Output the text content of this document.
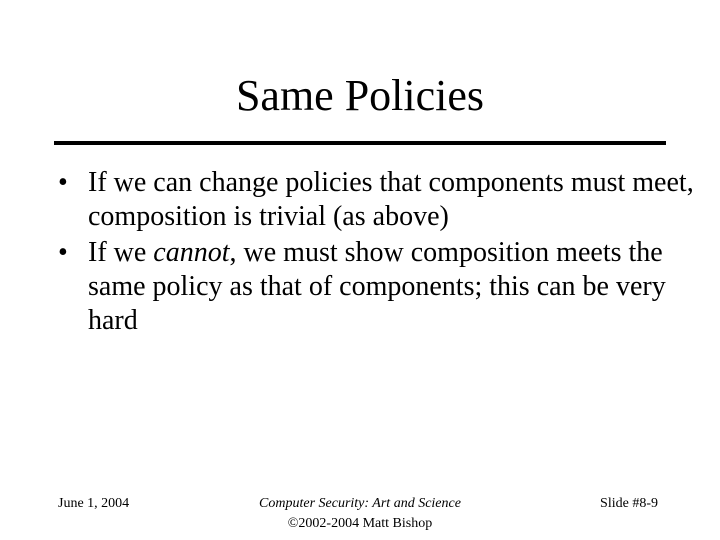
Same Policies
• If we can change policies that components must meet, composition is trivial (as above)
• If we cannot, we must show composition meets the same policy as that of components; this can be very hard
June 1, 2004	Computer Security: Art and Science
©2002-2004 Matt Bishop
Slide #8-9
